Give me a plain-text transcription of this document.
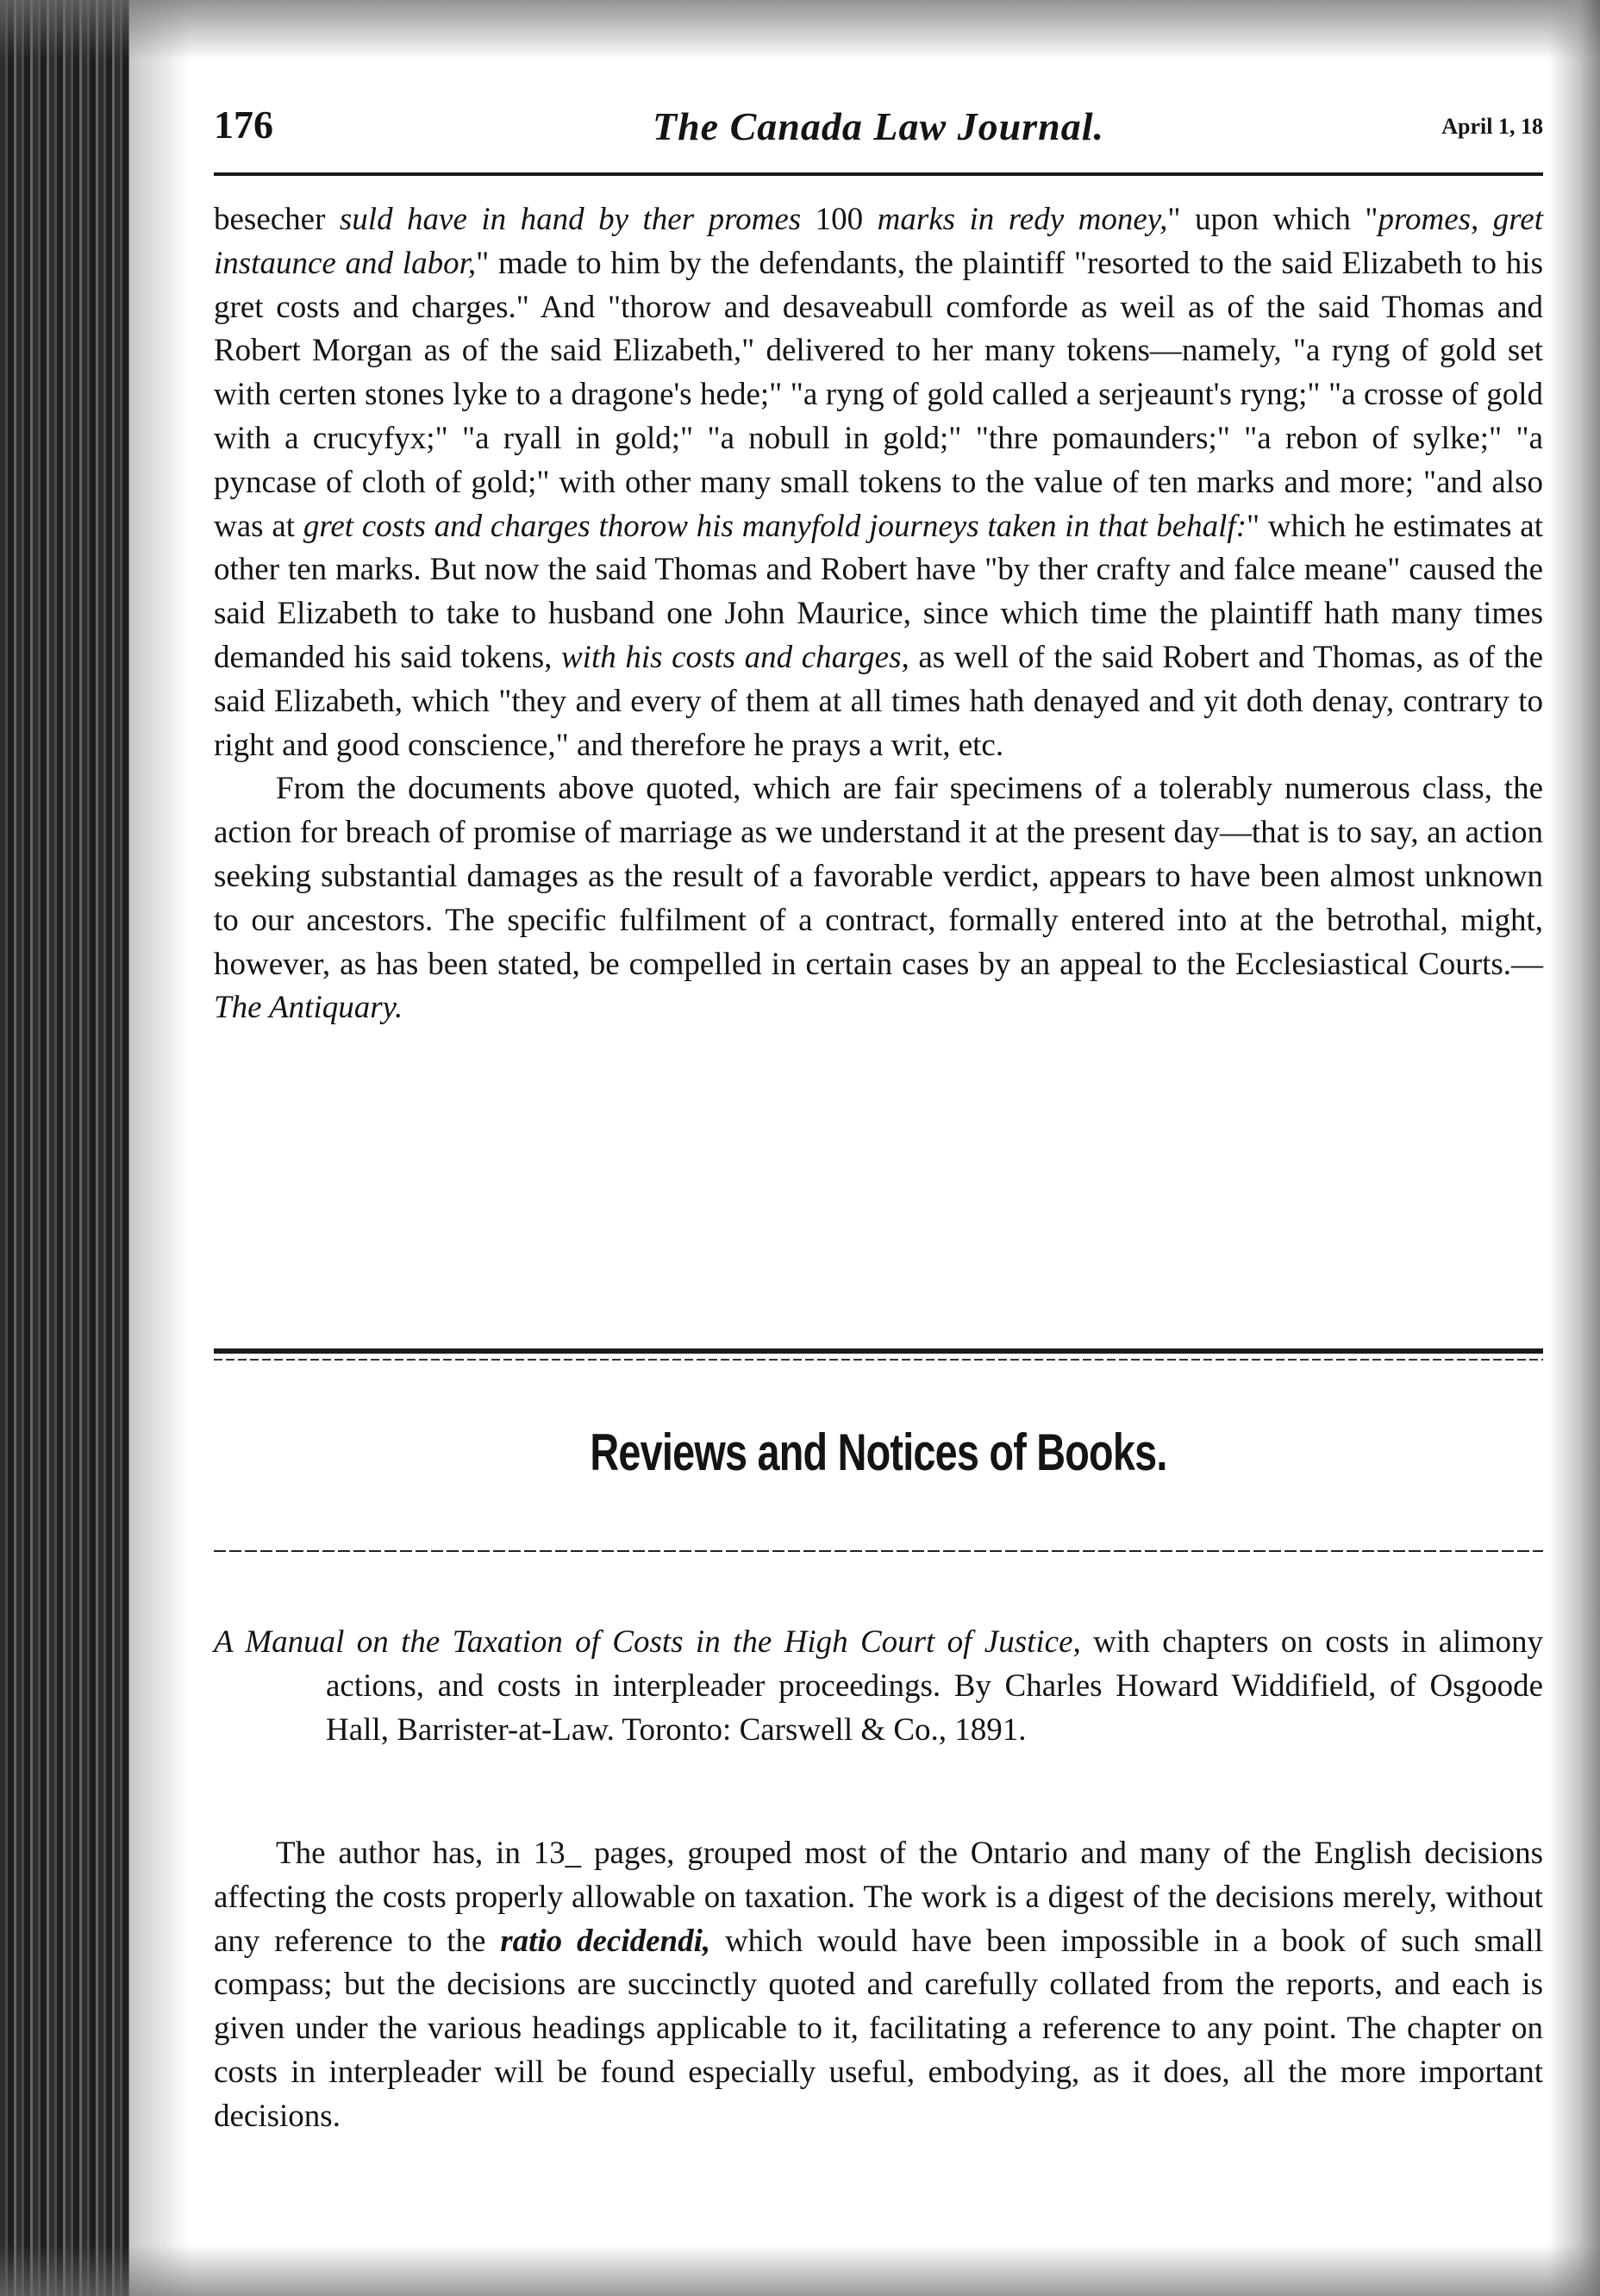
176	The Canada Law Journal.	April 1, 18

besecher suld have in hand by ther promes 100 marks in redy money," upon which "promes, gret instaunce and labor," made to him by the defendants, the plaintiff "resorted to the said Elizabeth to his gret costs and charges." And "thorow and desaveabull comforde as weil as of the said Thomas and Robert Morgan as of the said Elizabeth," delivered to her many tokens—namely, "a ryng of gold set with certen stones lyke to a dragone's hede;" "a ryng of gold called a serjeaunt's ryng;" "a crosse of gold with a crucyfyx;" "a ryall in gold;" "a nobull in gold;" "thre pomaunders;" "a rebon of sylke;" "a pyncase of cloth of gold;" with other many small tokens to the value of ten marks and more; "and also was at gret costs and charges thorow his manyfold journeys taken in that behalf:" which he estimates at other ten marks. But now the said Thomas and Robert have "by ther crafty and falce meane" caused the said Elizabeth to take to husband one John Maurice, since which time the plaintiff hath many times demanded his said tokens, with his costs and charges, as well of the said Robert and Thomas, as of the said Elizabeth, which "they and every of them at all times hath denayed and yit doth denay, contrary to right and good conscience," and therefore he prays a writ, etc.

From the documents above quoted, which are fair specimens of a tolerably numerous class, the action for breach of promise of marriage as we understand it at the present day—that is to say, an action seeking substantial damages as the result of a favorable verdict, appears to have been almost unknown to our ancestors. The specific fulfilment of a contract, formally entered into at the betrothal, might, however, as has been stated, be compelled in certain cases by an appeal to the Ecclesiastical Courts.—The Antiquary.

Reviews and Notices of Books.
A Manual on the Taxation of Costs in the High Court of Justice, with chapters on costs in alimony actions, and costs in interpleader proceedings. By Charles Howard Widdifield, of Osgoode Hall, Barrister-at-Law. Toronto: Carswell & Co., 1891.
The author has, in 13_ pages, grouped most of the Ontario and many of the English decisions affecting the costs properly allowable on taxation. The work is a digest of the decisions merely, without any reference to the ratio decidendi, which would have been impossible in a book of such small compass; but the decisions are succinctly quoted and carefully collated from the reports, and each is given under the various headings applicable to it, facilitating a reference to any point. The chapter on costs in interpleader will be found especially useful, embodying, as it does, all the more important decisions.
